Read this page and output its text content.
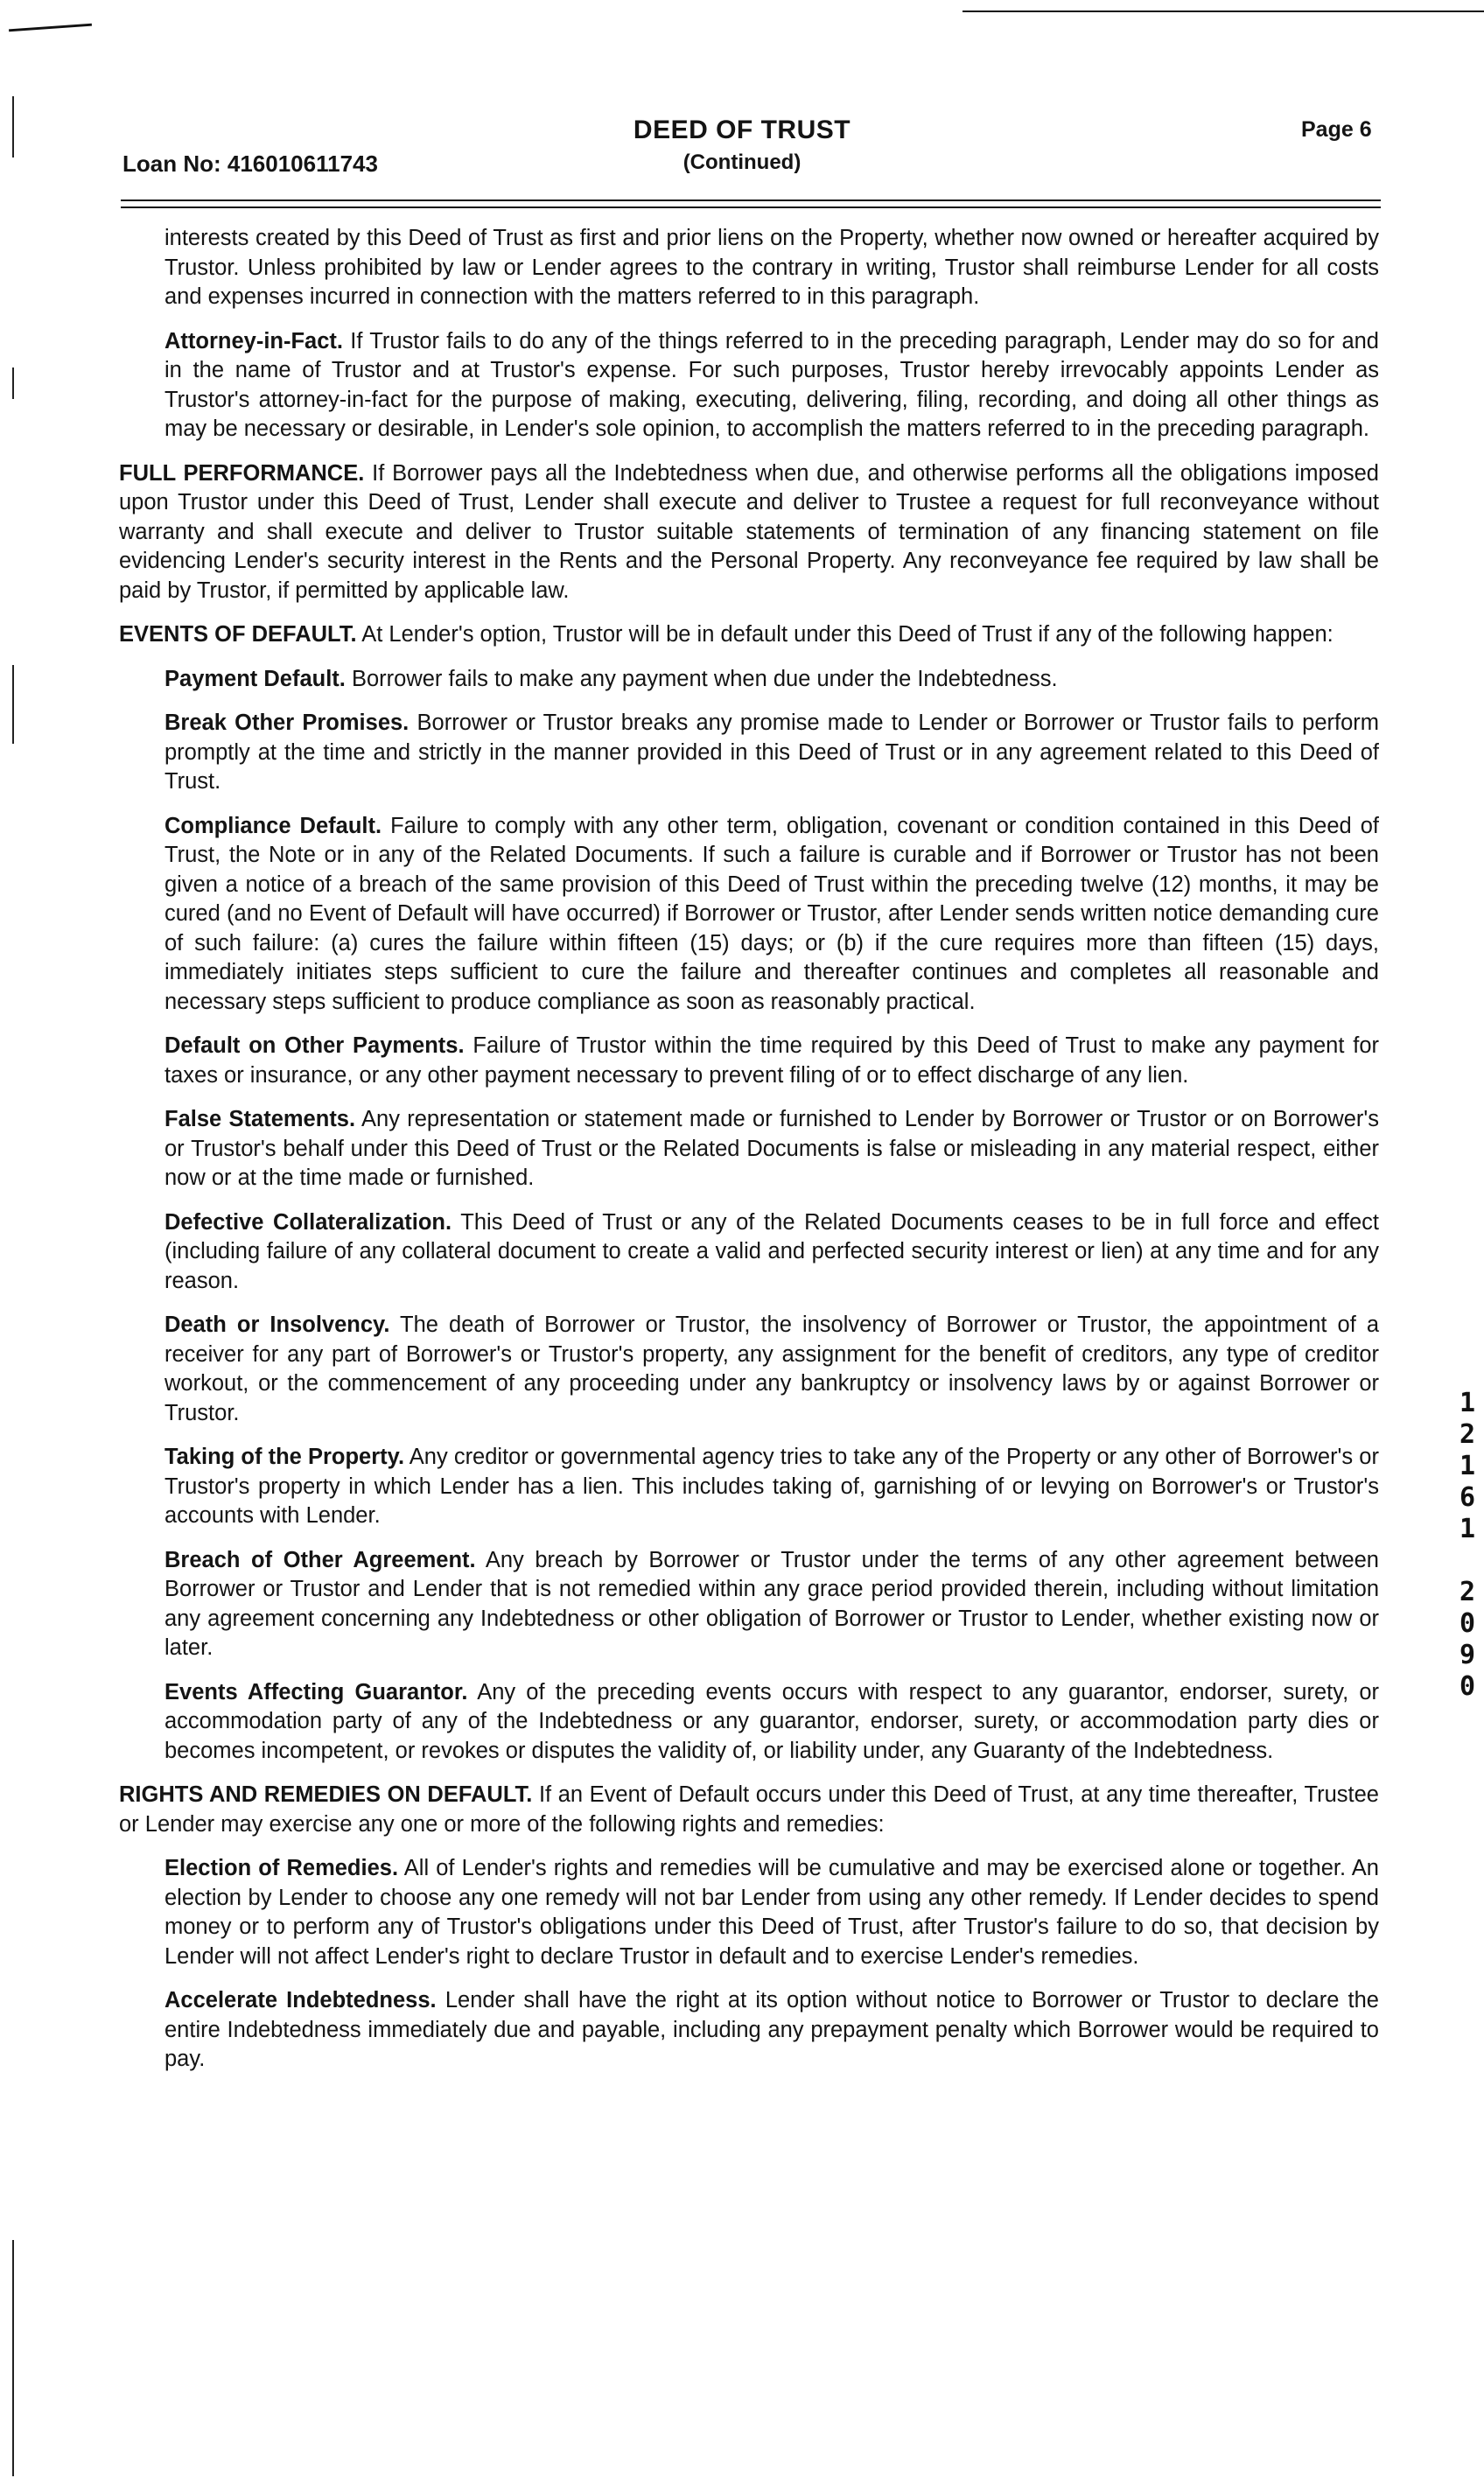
DEED OF TRUST
(Continued)
Loan No: 416010611743
Page 6

interests created by this Deed of Trust as first and prior liens on the Property, whether now owned or hereafter acquired by Trustor. Unless prohibited by law or Lender agrees to the contrary in writing, Trustor shall reimburse Lender for all costs and expenses incurred in connection with the matters referred to in this paragraph.

Attorney-in-Fact. If Trustor fails to do any of the things referred to in the preceding paragraph, Lender may do so for and in the name of Trustor and at Trustor's expense. For such purposes, Trustor hereby irrevocably appoints Lender as Trustor's attorney-in-fact for the purpose of making, executing, delivering, filing, recording, and doing all other things as may be necessary or desirable, in Lender's sole opinion, to accomplish the matters referred to in the preceding paragraph.

FULL PERFORMANCE. If Borrower pays all the Indebtedness when due, and otherwise performs all the obligations imposed upon Trustor under this Deed of Trust, Lender shall execute and deliver to Trustee a request for full reconveyance without warranty and shall execute and deliver to Trustor suitable statements of termination of any financing statement on file evidencing Lender's security interest in the Rents and the Personal Property. Any reconveyance fee required by law shall be paid by Trustor, if permitted by applicable law.

EVENTS OF DEFAULT. At Lender's option, Trustor will be in default under this Deed of Trust if any of the following happen:

Payment Default. Borrower fails to make any payment when due under the Indebtedness.

Break Other Promises. Borrower or Trustor breaks any promise made to Lender or Borrower or Trustor fails to perform promptly at the time and strictly in the manner provided in this Deed of Trust or in any agreement related to this Deed of Trust.

Compliance Default. Failure to comply with any other term, obligation, covenant or condition contained in this Deed of Trust, the Note or in any of the Related Documents. If such a failure is curable and if Borrower or Trustor has not been given a notice of a breach of the same provision of this Deed of Trust within the preceding twelve (12) months, it may be cured (and no Event of Default will have occurred) if Borrower or Trustor, after Lender sends written notice demanding cure of such failure: (a) cures the failure within fifteen (15) days; or (b) if the cure requires more than fifteen (15) days, immediately initiates steps sufficient to cure the failure and thereafter continues and completes all reasonable and necessary steps sufficient to produce compliance as soon as reasonably practical.

Default on Other Payments. Failure of Trustor within the time required by this Deed of Trust to make any payment for taxes or insurance, or any other payment necessary to prevent filing of or to effect discharge of any lien.

False Statements. Any representation or statement made or furnished to Lender by Borrower or Trustor or on Borrower's or Trustor's behalf under this Deed of Trust or the Related Documents is false or misleading in any material respect, either now or at the time made or furnished.

Defective Collateralization. This Deed of Trust or any of the Related Documents ceases to be in full force and effect (including failure of any collateral document to create a valid and perfected security interest or lien) at any time and for any reason.

Death or Insolvency. The death of Borrower or Trustor, the insolvency of Borrower or Trustor, the appointment of a receiver for any part of Borrower's or Trustor's property, any assignment for the benefit of creditors, any type of creditor workout, or the commencement of any proceeding under any bankruptcy or insolvency laws by or against Borrower or Trustor.

Taking of the Property. Any creditor or governmental agency tries to take any of the Property or any other of Borrower's or Trustor's property in which Lender has a lien. This includes taking of, garnishing of or levying on Borrower's or Trustor's accounts with Lender.

Breach of Other Agreement. Any breach by Borrower or Trustor under the terms of any other agreement between Borrower or Trustor and Lender that is not remedied within any grace period provided therein, including without limitation any agreement concerning any Indebtedness or other obligation of Borrower or Trustor to Lender, whether existing now or later.

Events Affecting Guarantor. Any of the preceding events occurs with respect to any guarantor, endorser, surety, or accommodation party of any of the Indebtedness or any guarantor, endorser, surety, or accommodation party dies or becomes incompetent, or revokes or disputes the validity of, or liability under, any Guaranty of the Indebtedness.

RIGHTS AND REMEDIES ON DEFAULT. If an Event of Default occurs under this Deed of Trust, at any time thereafter, Trustee or Lender may exercise any one or more of the following rights and remedies:

Election of Remedies. All of Lender's rights and remedies will be cumulative and may be exercised alone or together. An election by Lender to choose any one remedy will not bar Lender from using any other remedy. If Lender decides to spend money or to perform any of Trustor's obligations under this Deed of Trust, after Trustor's failure to do so, that decision by Lender will not affect Lender's right to declare Trustor in default and to exercise Lender's remedies.

Accelerate Indebtedness. Lender shall have the right at its option without notice to Borrower or Trustor to declare the entire Indebtedness immediately due and payable, including any prepayment penalty which Borrower would be required to pay.

1
2
1
6
1
2
0
9
0
